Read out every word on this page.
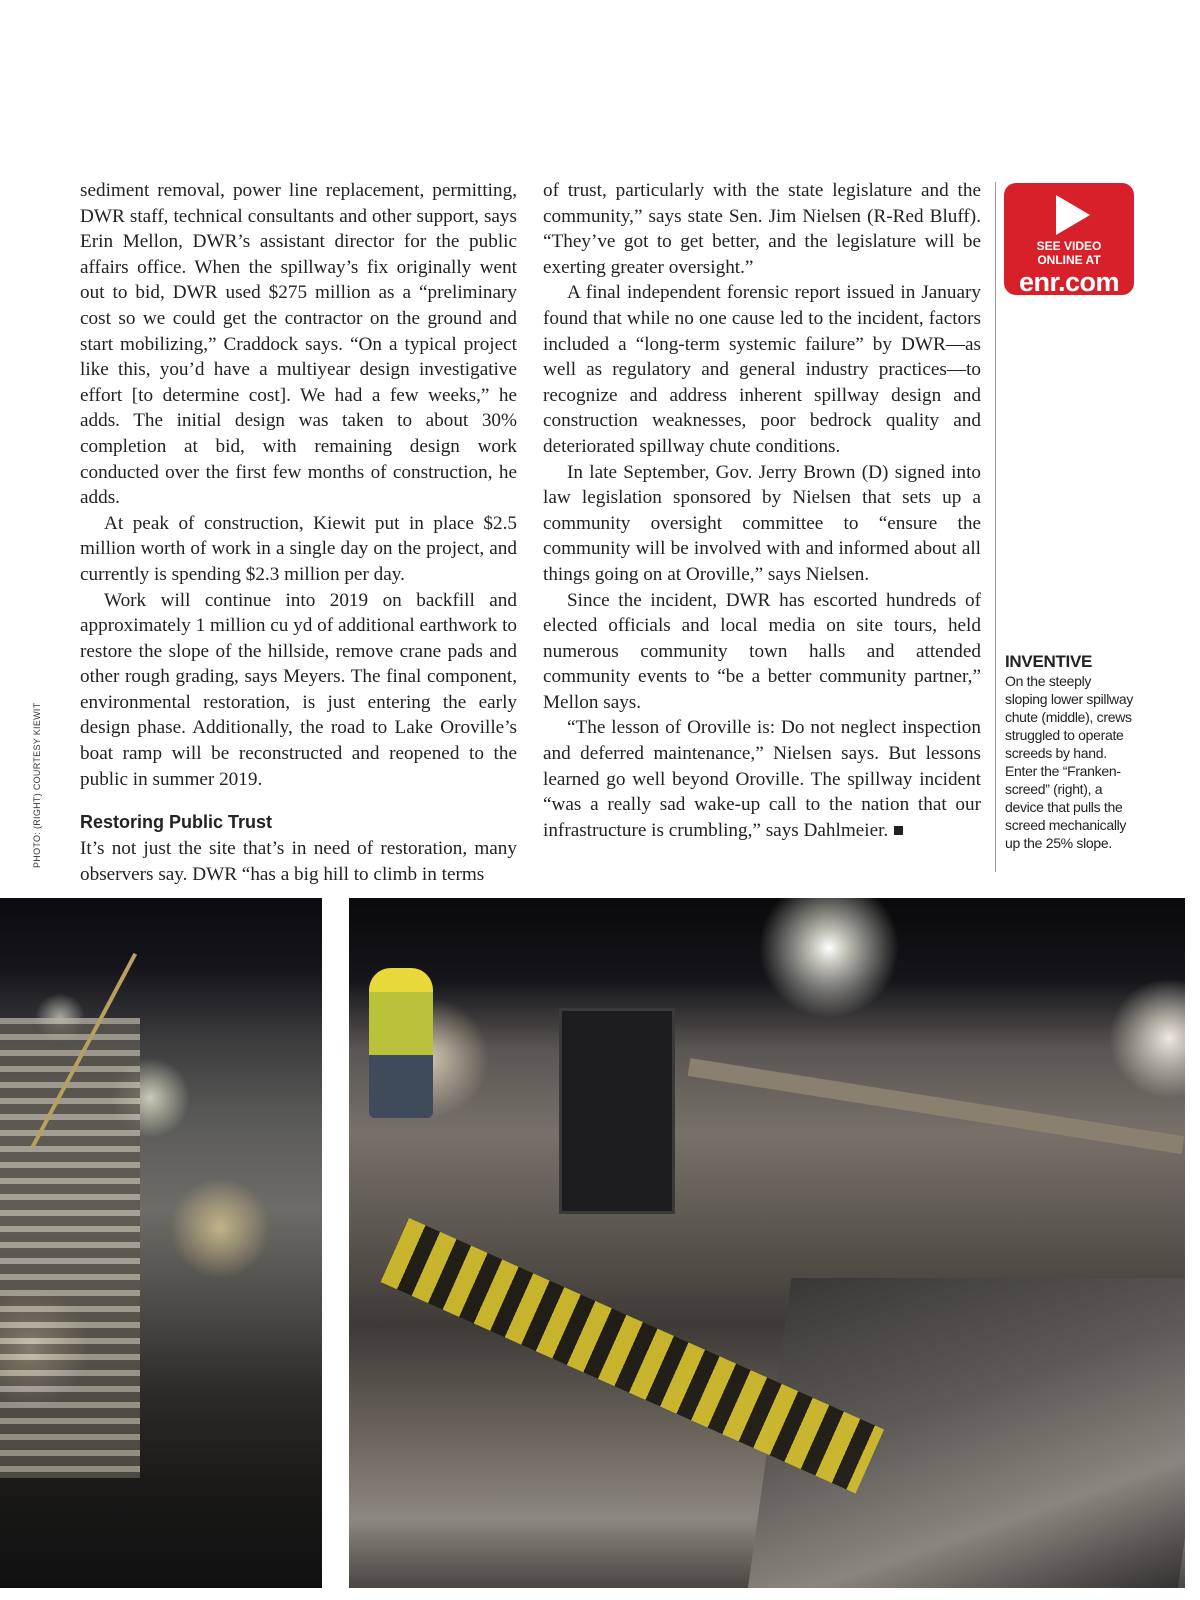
sediment removal, power line replacement, permitting, DWR staff, technical consultants and other support, says Erin Mellon, DWR’s assistant director for the public affairs office. When the spillway’s fix originally went out to bid, DWR used $275 million as a “preliminary cost so we could get the contractor on the ground and start mobilizing,” Craddock says. “On a typical project like this, you’d have a multiyear design investigative effort [to determine cost]. We had a few weeks,” he adds. The initial design was taken to about 30% completion at bid, with remaining design work conducted over the first few months of construction, he adds.

At peak of construction, Kiewit put in place $2.5 million worth of work in a single day on the project, and currently is spending $2.3 million per day.

Work will continue into 2019 on backfill and approximately 1 million cu yd of additional earthwork to restore the slope of the hillside, remove crane pads and other rough grading, says Meyers. The final component, environmental restoration, is just entering the early design phase. Additionally, the road to Lake Oroville’s boat ramp will be reconstructed and reopened to the public in summer 2019.

Restoring Public Trust

It’s not just the site that’s in need of restoration, many observers say. DWR “has a big hill to climb in terms

of trust, particularly with the state legislature and the community,” says state Sen. Jim Nielsen (R-Red Bluff). “They’ve got to get better, and the legislature will be exerting greater oversight.”

A final independent forensic report issued in January found that while no one cause led to the incident, factors included a “long-term systemic failure” by DWR—as well as regulatory and general industry practices—to recognize and address inherent spillway design and construction weaknesses, poor bedrock quality and deteriorated spillway chute conditions.

In late September, Gov. Jerry Brown (D) signed into law legislation sponsored by Nielsen that sets up a community oversight committee to “ensure the community will be involved with and informed about all things going on at Oroville,” says Nielsen.

Since the incident, DWR has escorted hundreds of elected officials and local media on site tours, held numerous community town halls and attended community events to “be a better community partner,” Mellon says.

“The lesson of Oroville is: Do not neglect inspection and deferred maintenance,” Nielsen says. But lessons learned go well beyond Oroville. The spillway incident “was a really sad wake-up call to the nation that our infrastructure is crumbling,” says Dahlmeier.

PHOTO: (RIGHT) COURTESY KIEWIT
SEE VIDEO
ONLINE AT
enr.com
INVENTIVE
On the steeply sloping lower spillway chute (middle), crews struggled to operate screeds by hand. Enter the “Franken-screed” (right), a device that pulls the screed mechanically up the 25% slope.
